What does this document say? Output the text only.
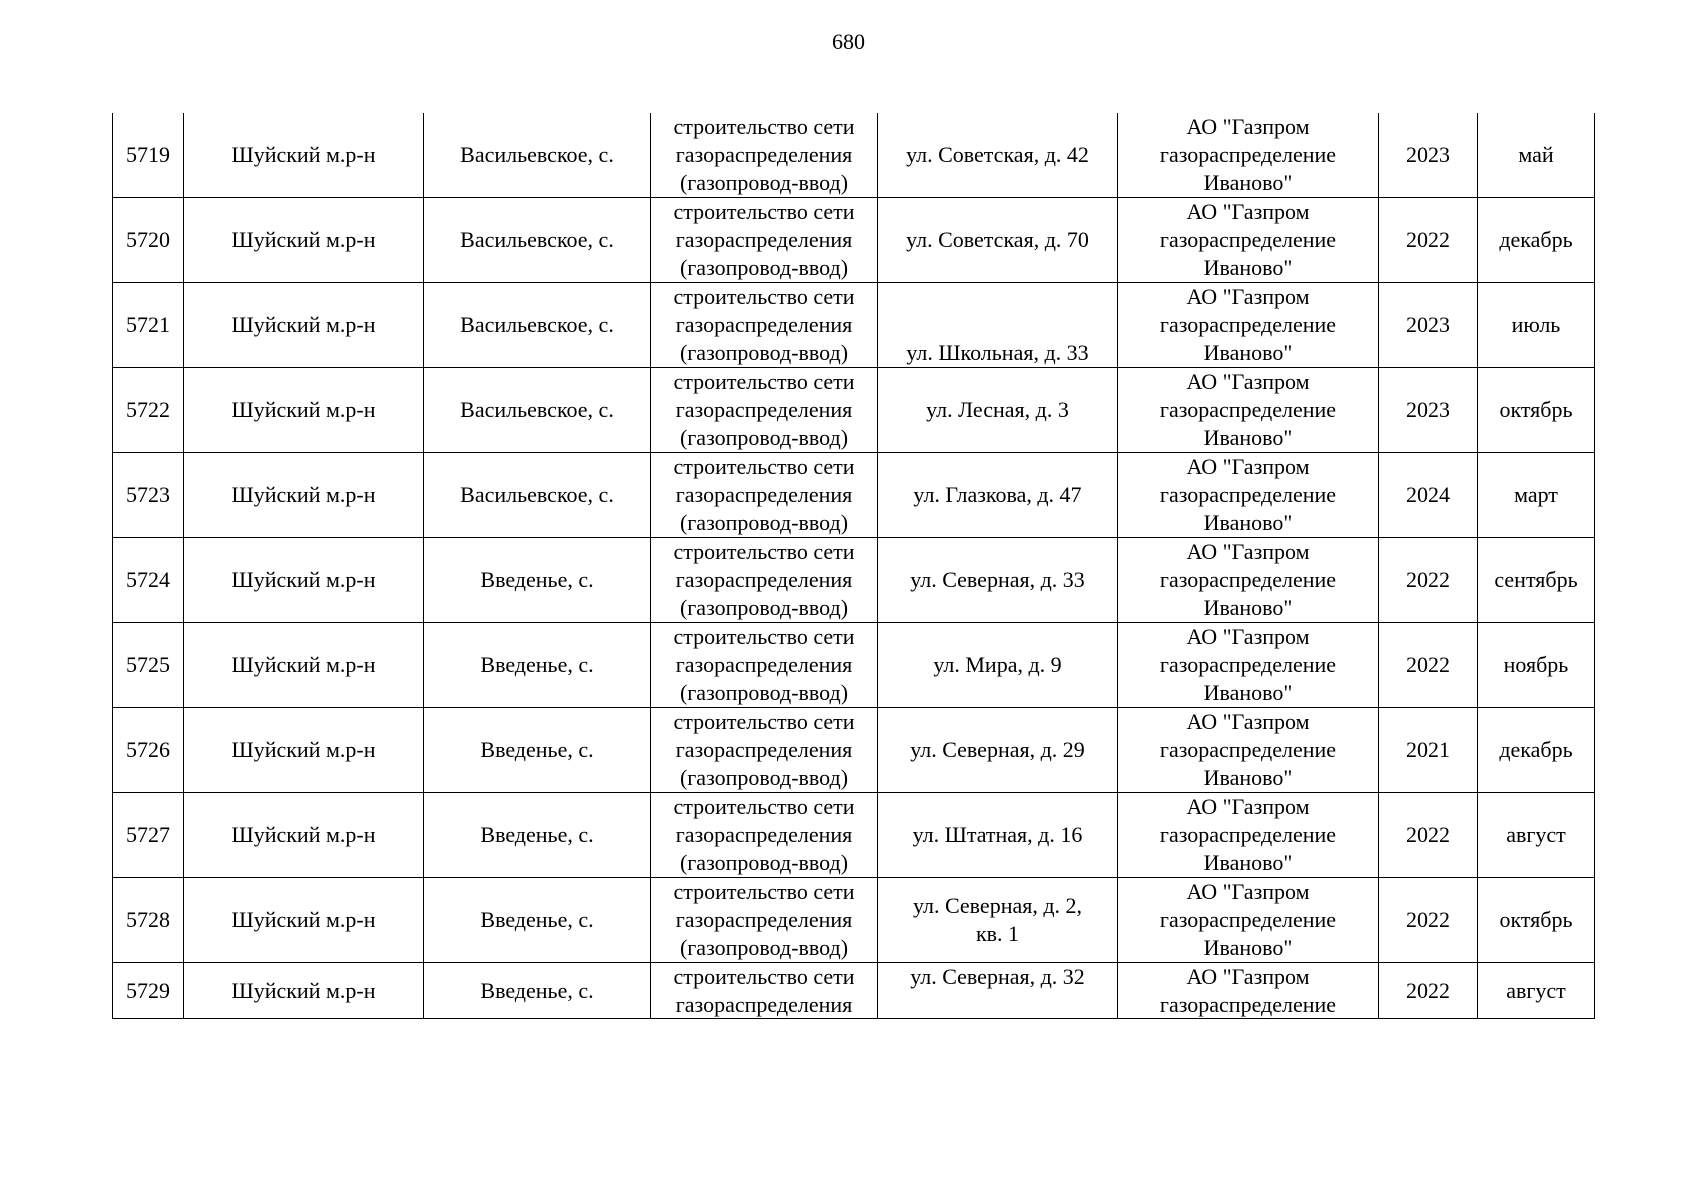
680
5719	Шуйский м.р-н	Васильевское, с.	строительство сети
газораспределения
(газопровод-ввод)	ул. Советская, д. 42	АО "Газпром
газораспределение
Иваново"	2023	май
5720	Шуйский м.р-н	Васильевское, с.	строительство сети
газораспределения
(газопровод-ввод)	ул. Советская, д. 70	АО "Газпром
газораспределение
Иваново"	2022	декабрь
5721	Шуйский м.р-н	Васильевское, с.	строительство сети
газораспределения
(газопровод-ввод)	ул. Школьная, д. 33	АО "Газпром
газораспределение
Иваново"	2023	июль
5722	Шуйский м.р-н	Васильевское, с.	строительство сети
газораспределения
(газопровод-ввод)	ул. Лесная, д. 3	АО "Газпром
газораспределение
Иваново"	2023	октябрь
5723	Шуйский м.р-н	Васильевское, с.	строительство сети
газораспределения
(газопровод-ввод)	ул. Глазкова, д. 47	АО "Газпром
газораспределение
Иваново"	2024	март
5724	Шуйский м.р-н	Введенье, с.	строительство сети
газораспределения
(газопровод-ввод)	ул. Северная, д. 33	АО "Газпром
газораспределение
Иваново"	2022	сентябрь
5725	Шуйский м.р-н	Введенье, с.	строительство сети
газораспределения
(газопровод-ввод)	ул. Мира, д. 9	АО "Газпром
газораспределение
Иваново"	2022	ноябрь
5726	Шуйский м.р-н	Введенье, с.	строительство сети
газораспределения
(газопровод-ввод)	ул. Северная, д. 29	АО "Газпром
газораспределение
Иваново"	2021	декабрь
5727	Шуйский м.р-н	Введенье, с.	строительство сети
газораспределения
(газопровод-ввод)	ул. Штатная, д. 16	АО "Газпром
газораспределение
Иваново"	2022	август
5728	Шуйский м.р-н	Введенье, с.	строительство сети
газораспределения
(газопровод-ввод)	ул. Северная, д. 2,
кв. 1	АО "Газпром
газораспределение
Иваново"	2022	октябрь
5729	Шуйский м.р-н	Введенье, с.	строительство сети
газораспределения	ул. Северная, д. 32	АО "Газпром
газораспределение	2022	август
